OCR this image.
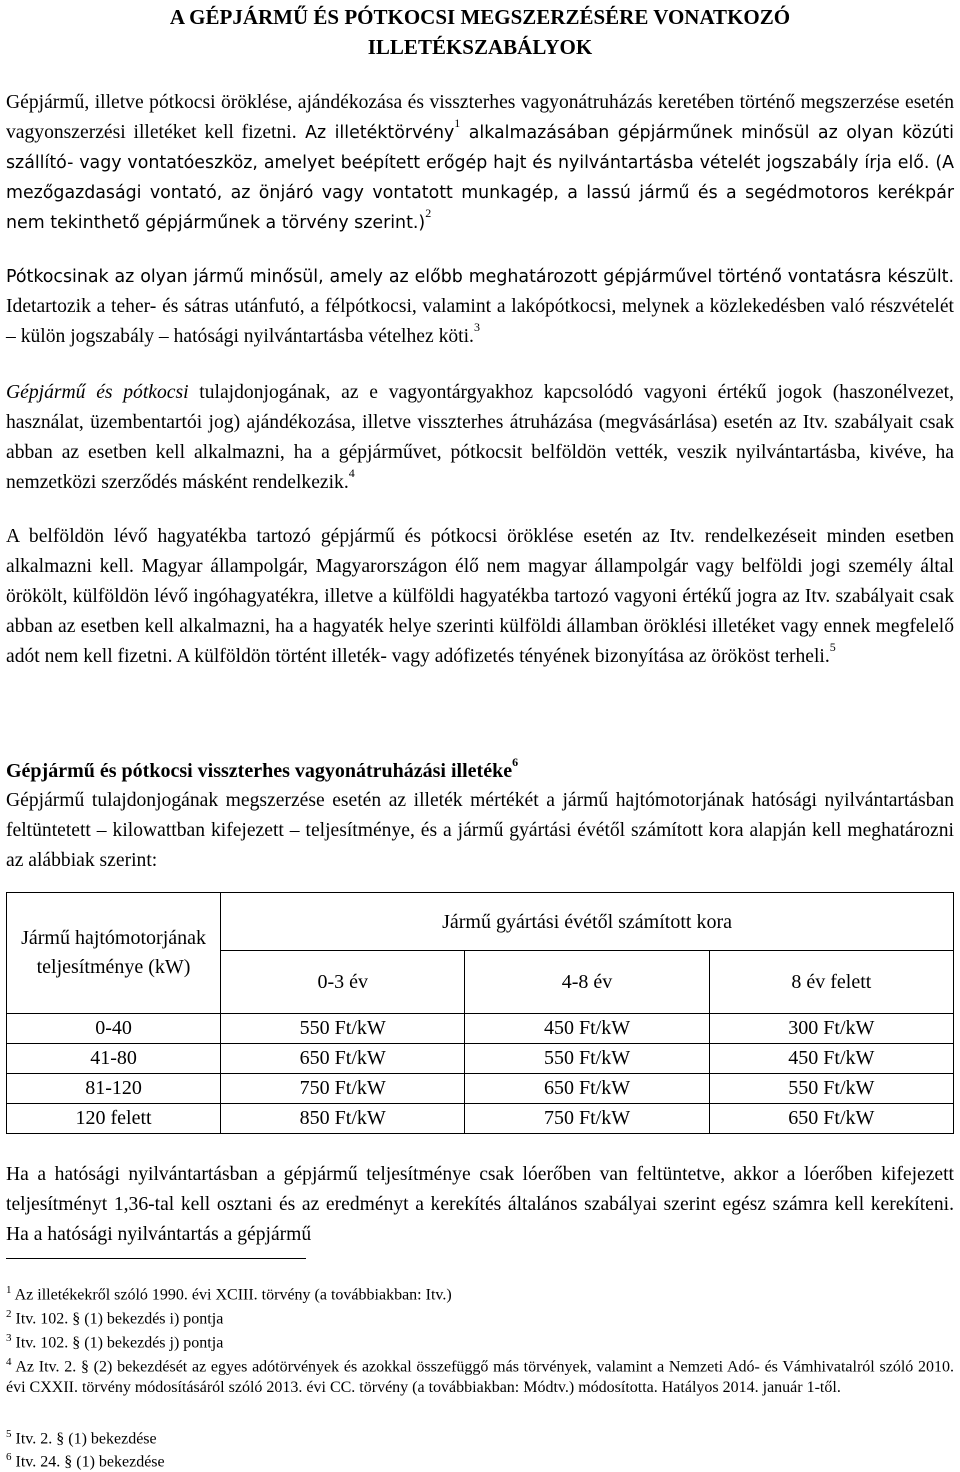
A GÉPJÁRMŰ ÉS PÓTKOCSI MEGSZERZÉSÉRE VONATKOZÓ
ILLETÉKSZABÁLYOK
Gépjármű, illetve pótkocsi öröklése, ajándékozása és visszterhes vagyonátruházás keretében történő megszerzése esetén vagyonszerzési illetéket kell fizetni. Az illetéktörvény$^1$ alkalmazásában gépjárműnek minősül az olyan közúti szállító- vagy vontatóeszköz, amelyet beépített erőgép hajt és nyilvántartásba vételét jogszabály írja elő. (A mezőgazdasági vontató, az önjáró vagy vontatott munkagép, a lassú jármű és a segédmotoros kerékpár nem tekinthető gépjárműnek a törvény szerint.)$^2$
Pótkocsinak az olyan jármű minősül, amely az előbb meghatározott gépjárművel történő vontatásra készült. Idetartozik a teher- és sátras utánfutó, a félpótkocsi, valamint a lakópótkocsi, melynek a közlekedésben való részvételét – külön jogszabály – hatósági nyilvántartásba vételhez köti.$^3$
Gépjármű és pótkocsi tulajdonjogának, az e vagyontárgyakhoz kapcsolódó vagyoni értékű jogok (haszonélvezet, használat, üzembentartói jog) ajándékozása, illetve visszterhes átruházása (megvásárlása) esetén az Itv. szabályait csak abban az esetben kell alkalmazni, ha a gépjárművet, pótkocsit belföldön vették, veszik nyilvántartásba, kivéve, ha nemzetközi szerződés másként rendelkezik.$^4$
A belföldön lévő hagyatékba tartozó gépjármű és pótkocsi öröklése esetén az Itv. rendelkezéseit minden esetben alkalmazni kell. Magyar állampolgár, Magyarországon élő nem magyar állampolgár vagy belföldi jogi személy által örökölt, külföldön lévő ingóhagyatékra, illetve a külföldi hagyatékba tartozó vagyoni értékű jogra az Itv. szabályait csak abban az esetben kell alkalmazni, ha a hagyaték helye szerinti külföldi államban öröklési illetéket vagy ennek megfelelő adót nem kell fizetni. A külföldön történt illeték- vagy adófizetés tényének bizonyítása az örököst terheli.$^5$
Gépjármű és pótkocsi visszterhes vagyonátruházási illetéke$^6$
Gépjármű tulajdonjogának megszerzése esetén az illeték mértékét a jármű hajtómotorjának hatósági nyilvántartásban feltüntetett – kilowattban kifejezett – teljesítménye, és a jármű gyártási évétől számított kora alapján kell meghatározni az alábbiak szerint:
Jármű hajtómotorjának teljesítménye (kW)	Jármű gyártási évétől számított kora		
	0-3 év	4-8 év	8 év felett
0-40	550 Ft/kW	450 Ft/kW	300 Ft/kW
41-80	650 Ft/kW	550 Ft/kW	450 Ft/kW
81-120	750 Ft/kW	650 Ft/kW	550 Ft/kW
120 felett	850 Ft/kW	750 Ft/kW	650 Ft/kW
Ha a hatósági nyilvántartásban a gépjármű teljesítménye csak lóerőben van feltüntetve, akkor a lóerőben kifejezett teljesítményt 1,36-tal kell osztani és az eredményt a kerekítés általános szabályai szerint egész számra kell kerekíteni. Ha a hatósági nyilvántartás a gépjármű
$^1$ Az illetékekről szóló 1990. évi XCIII. törvény (a továbbiakban: Itv.)
$^2$ Itv. 102. § (1) bekezdés i) pontja
$^3$ Itv. 102. § (1) bekezdés j) pontja
$^4$ Az Itv. 2. § (2) bekezdését az egyes adótörvények és azokkal összefüggő más törvények, valamint a Nemzeti Adó- és Vámhivatalról szóló 2010. évi CXXII. törvény módosításáról szóló 2013. évi CC. törvény (a továbbiakban: Módtv.) módosította. Hatályos 2014. január 1-től.
$^5$ Itv. 2. § (1) bekezdése
$^6$ Itv. 24. § (1) bekezdése
